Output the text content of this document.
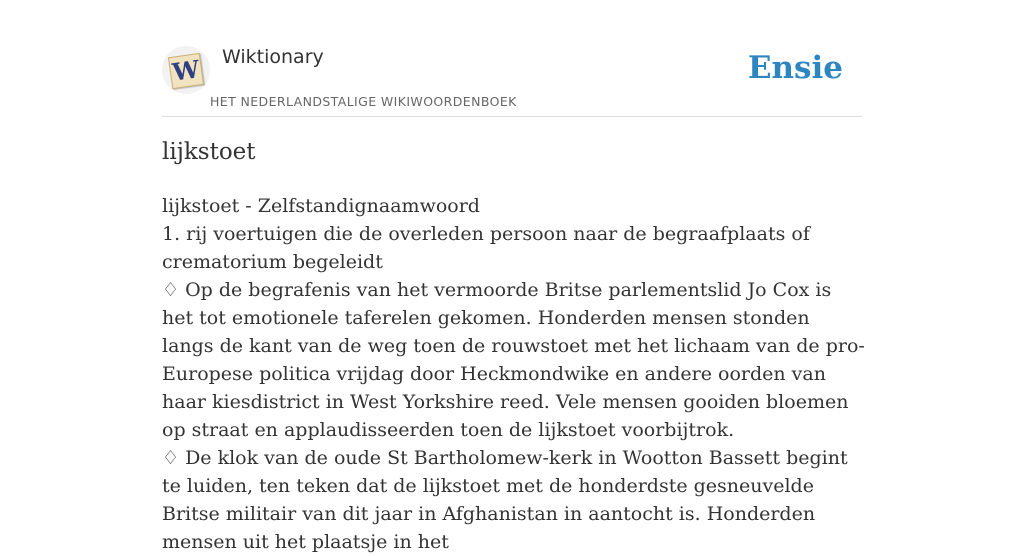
W Wiktionary
HET NEDERLANDSTALIGE WIKIWOORDENBOEK
Ensie
lijkstoet

lijkstoet - Zelfstandignaamwoord

1. rij voertuigen die de overleden persoon naar de begraafplaats of crematorium begeleidt

♢ Op de begrafenis van het vermoorde Britse parlementslid Jo Cox is het tot emotionele taferelen gekomen. Honderden mensen stonden langs de kant van de weg toen de rouwstoet met het lichaam van de pro-Europese politica vrijdag door Heckmondwike en andere oorden van haar kiesdistrict in West Yorkshire reed. Vele mensen gooiden bloemen op straat en applaudisseerden toen de lijkstoet voorbijtrok.

♢ De klok van de oude St Bartholomew-kerk in Wootton Bassett begint te luiden, ten teken dat de lijkstoet met de honderdste gesneuvelde Britse militair van dit jaar in Afghanistan in aantocht is. Honderden mensen uit het plaatsje in het
